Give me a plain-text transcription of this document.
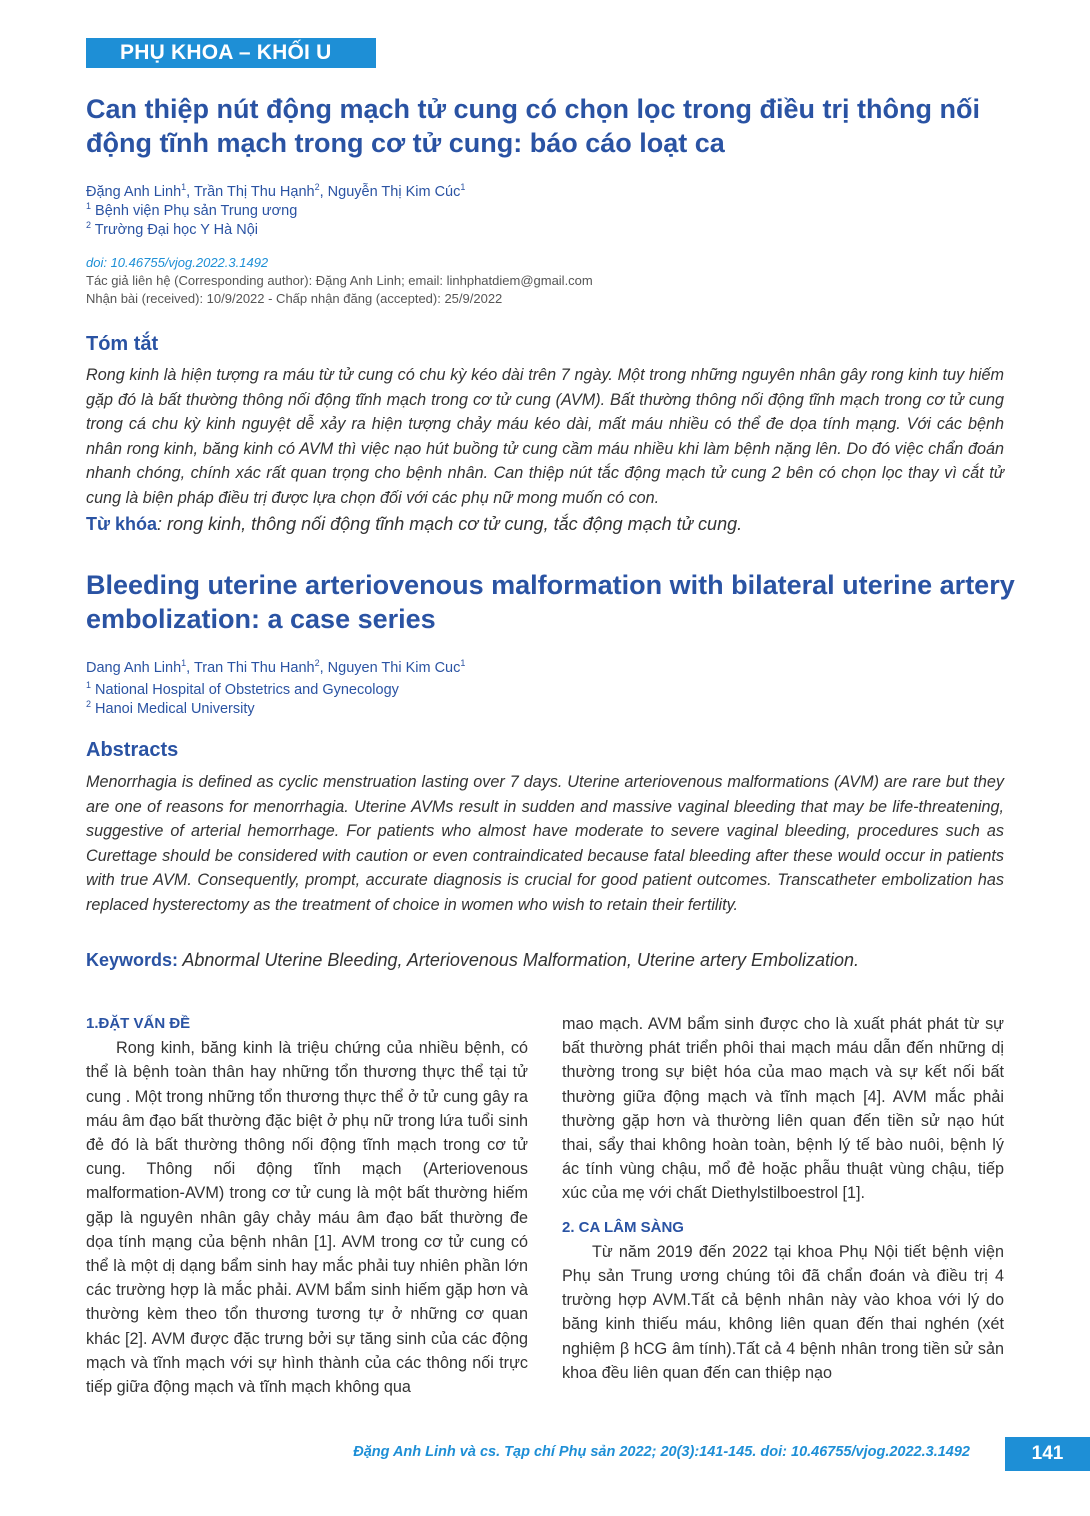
PHỤ KHOA – KHỐI U
Can thiệp nút động mạch tử cung có chọn lọc trong điều trị thông nối động tĩnh mạch trong cơ tử cung: báo cáo loạt ca
Đặng Anh Linh$^1$, Trần Thị Thu Hạnh$^2$, Nguyễn Thị Kim Cúc$^1$
$^1$ Bệnh viện Phụ sản Trung ương
$^2$ Trường Đại học Y Hà Nội
doi: 10.46755/vjog.2022.3.1492
Tác giả liên hệ (Corresponding author): Đặng Anh Linh; email: linhphatdiem@gmail.com
Nhận bài (received): 10/9/2022 - Chấp nhận đăng (accepted): 25/9/2022
Tóm tắt
Rong kinh là hiện tượng ra máu từ tử cung có chu kỳ kéo dài trên 7 ngày. Một trong những nguyên nhân gây rong kinh tuy hiếm gặp đó là bất thường thông nối động tĩnh mạch trong cơ tử cung (AVM). Bất thường thông nối động tĩnh mạch trong cơ tử cung trong cá chu kỳ kinh nguyệt dễ xảy ra hiện tượng chảy máu kéo dài, mất máu nhiều có thể đe dọa tính mạng. Với các bệnh nhân rong kinh, băng kinh có AVM thì việc nạo hút buồng tử cung cầm máu nhiều khi làm bệnh nặng lên. Do đó việc chẩn đoán nhanh chóng, chính xác rất quan trọng cho bệnh nhân. Can thiệp nút tắc động mạch tử cung 2 bên có chọn lọc thay vì cắt tử cung là biện pháp điều trị được lựa chọn đối với các phụ nữ mong muốn có con.
Từ khóa: rong kinh, thông nối động tĩnh mạch cơ tử cung, tắc động mạch tử cung.
Bleeding uterine arteriovenous malformation with bilateral uterine artery embolization: a case series
Dang Anh Linh$^1$, Tran Thi Thu Hanh$^2$, Nguyen Thi Kim Cuc$^1$
$^1$ National Hospital of Obstetrics and Gynecology
$^2$ Hanoi Medical University
Abstracts
Menorrhagia is defined as cyclic menstruation lasting over 7 days. Uterine arteriovenous malformations (AVM) are rare but they are one of reasons for menorrhagia. Uterine AVMs result in sudden and massive vaginal bleeding that may be life-threatening, suggestive of arterial hemorrhage. For patients who almost have moderate to severe vaginal bleeding, procedures such as Curettage should be considered with caution or even contraindicated because fatal bleeding after these would occur in patients with true AVM. Consequently, prompt, accurate diagnosis is crucial for good patient outcomes. Transcatheter embolization has replaced hysterectomy as the treatment of choice in women who wish to retain their fertility.
Keywords: Abnormal Uterine Bleeding, Arteriovenous Malformation, Uterine artery Embolization.
1.ĐẶT VẤN ĐỀ

Rong kinh, băng kinh là triệu chứng của nhiều bệnh, có thể là bệnh toàn thân hay những tổn thương thực thể tại tử cung . Một trong những tổn thương thực thể ở tử cung gây ra máu âm đạo bất thường đặc biệt ở phụ nữ trong lứa tuổi sinh đẻ đó là bất thường thông nối động tĩnh mạch trong cơ tử cung. Thông nối động tĩnh mạch (Arteriovenous malformation-AVM) trong cơ tử cung là một bất thường hiếm gặp là nguyên nhân gây chảy máu âm đạo bất thường đe dọa tính mạng của bệnh nhân [1]. AVM trong cơ tử cung có thể là một dị dạng bẩm sinh hay mắc phải tuy nhiên phần lớn các trường hợp là mắc phải. AVM bẩm sinh hiếm gặp hơn và thường kèm theo tổn thương tương tự ở những cơ quan khác [2]. AVM được đặc trưng bởi sự tăng sinh của các động mạch và tĩnh mạch với sự hình thành của các thông nối trực tiếp giữa động mạch và tĩnh mạch không qua

mao mạch. AVM bẩm sinh được cho là xuất phát phát từ sự bất thường phát triển phôi thai mạch máu dẫn đến những dị thường trong sự biệt hóa của mao mạch và sự kết nối bất thường giữa động mạch và tĩnh mạch [4]. AVM mắc phải thường gặp hơn và thường liên quan đến tiền sử nạo hút thai, sẩy thai không hoàn toàn, bệnh lý tế bào nuôi, bệnh lý ác tính vùng chậu, mổ đẻ hoặc phẫu thuật vùng chậu, tiếp xúc của mẹ với chất Diethylstilboestrol [1].

2. CA LÂM SÀNG

Từ năm 2019 đến 2022 tại khoa Phụ Nội tiết bệnh viện Phụ sản Trung ương chúng tôi đã chẩn đoán và điều trị 4 trường hợp AVM.Tất cả bệnh nhân này vào khoa với lý do băng kinh thiếu máu, không liên quan đến thai nghén (xét nghiệm β hCG âm tính).Tất cả 4 bệnh nhân trong tiền sử sản khoa đều liên quan đến can thiệp nạo

Đặng Anh Linh và cs. Tạp chí Phụ sản 2022; 20(3):141-145. doi: 10.46755/vjog.2022.3.1492	141
